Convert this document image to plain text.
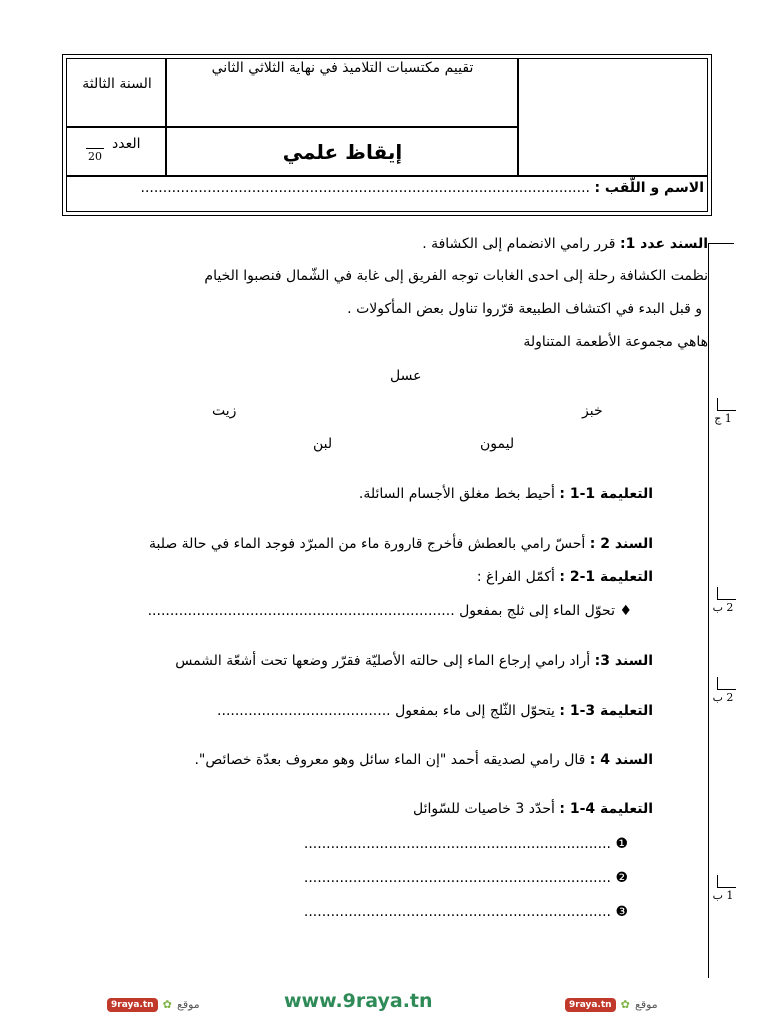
السنة الثالثة
تقييم مكتسبات التلاميذ في نهاية الثلاثي الثاني
العدد
20	إيقاظ علمي
الاسم و اللّقب : .....................................................................................................
1 ج
2 ب
2 ب
1 ب
السند عدد 1: قرر رامي الانضمام إلى الكشافة .
نظمت الكشافة رحلة إلى احدى الغابات توجه الفريق إلى غابة في الشّمال فنصبوا الخيام
و قبل البدء في اكتشاف الطبيعة قرّروا تناول بعض المأكولات .
هاهي مجموعة الأطعمة المتناولة
عسل
خبز
زيت
ليمون
لبن
التعليمة 1-1 : أحيط بخط مغلق الأجسام السائلة.
السند 2 : أحسّ رامي بالعطش فأخرج قارورة ماء من المبرّد فوجد الماء في حالة صلبة
التعليمة 1-2 : أكمّل الفراغ :
♦ تحوّل الماء إلى ثلج بمفعول .....................................................................
السند 3: أراد رامي إرجاع الماء إلى حالته الأصليّة فقرّر وضعها تحت أشعّة الشمس
التعليمة 3-1 : يتحوّل الثّلج إلى ماء بمفعول .......................................
السند 4 : قال رامي لصديقه أحمد "إن الماء سائل وهو معروف بعدّة خصائص".
التعليمة 4-1 : أحدّد 3 خاصيات للسّوائل
❶ .....................................................................
❷ .....................................................................
❸ .....................................................................
9raya.tn ✿ موقع	www.9raya.tn	9raya.tn ✿ موقع
